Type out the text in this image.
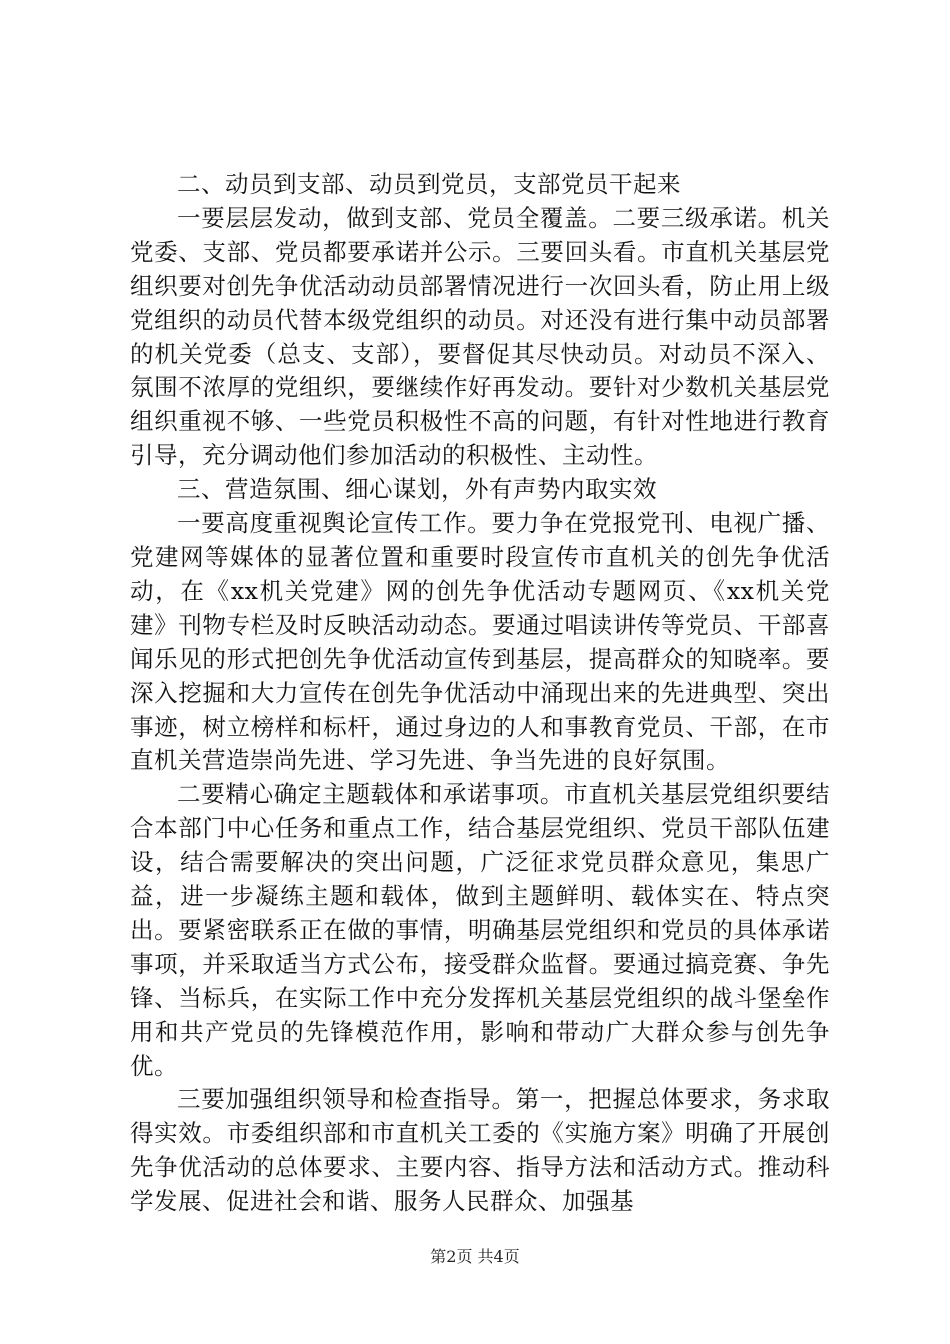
二、动员到支部、动员到党员，支部党员干起来

一要层层发动，做到支部、党员全覆盖。二要三级承诺。机关党委、支部、党员都要承诺并公示。三要回头看。市直机关基层党组织要对创先争优活动动员部署情况进行一次回头看，防止用上级党组织的动员代替本级党组织的动员。对还没有进行集中动员部署的机关党委（总支、支部），要督促其尽快动员。对动员不深入、氛围不浓厚的党组织，要继续作好再发动。要针对少数机关基层党组织重视不够、一些党员积极性不高的问题，有针对性地进行教育引导，充分调动他们参加活动的积极性、主动性。

三、营造氛围、细心谋划，外有声势内取实效

一要高度重视舆论宣传工作。要力争在党报党刊、电视广播、党建网等媒体的显著位置和重要时段宣传市直机关的创先争优活动，在《xx机关党建》网的创先争优活动专题网页、《xx机关党建》刊物专栏及时反映活动动态。要通过唱读讲传等党员、干部喜闻乐见的形式把创先争优活动宣传到基层，提高群众的知晓率。要深入挖掘和大力宣传在创先争优活动中涌现出来的先进典型、突出事迹，树立榜样和标杆，通过身边的人和事教育党员、干部，在市直机关营造崇尚先进、学习先进、争当先进的良好氛围。

二要精心确定主题载体和承诺事项。市直机关基层党组织要结合本部门中心任务和重点工作，结合基层党组织、党员干部队伍建设，结合需要解决的突出问题，广泛征求党员群众意见，集思广益，进一步凝练主题和载体，做到主题鲜明、载体实在、特点突出。要紧密联系正在做的事情，明确基层党组织和党员的具体承诺事项，并采取适当方式公布，接受群众监督。要通过搞竞赛、争先锋、当标兵，在实际工作中充分发挥机关基层党组织的战斗堡垒作用和共产党员的先锋模范作用，影响和带动广大群众参与创先争优。

三要加强组织领导和检查指导。第一，把握总体要求，务求取得实效。市委组织部和市直机关工委的《实施方案》明确了开展创先争优活动的总体要求、主要内容、指导方法和活动方式。推动科学发展、促进社会和谐、服务人民群众、加强基

第2页 共4页
